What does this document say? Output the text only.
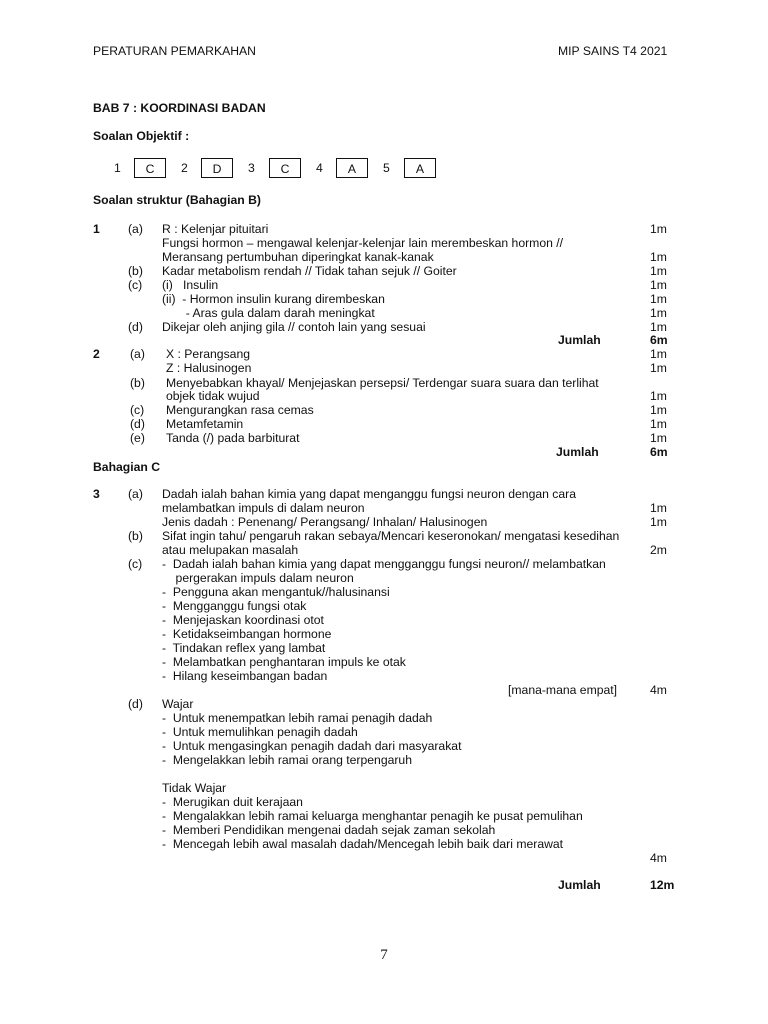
PERATURAN PEMARKAHAN	MIP SAINS T4 2021
BAB 7 : KOORDINASI BADAN
Soalan Objektif :
1	C	2	D	3	C	4	A	5	A
Soalan struktur (Bahagian B)
1 (a) R : Kelenjar pituitari	1m
Fungsi hormon – mengawal kelenjar-kelenjar lain merembeskan hormon //
Meransang pertumbuhan diperingkat kanak-kanak	1m
(b) Kadar metabolism rendah // Tidak tahan sejuk // Goiter	1m
(c) (i)   Insulin	1m
(ii)  - Hormon insulin kurang dirembeskan	1m
- Aras gula dalam darah meningkat	1m
(d) Dikejar oleh anjing gila // contoh lain yang sesuai	1m
Jumlah	6m
2 (a) X : Perangsang	1m
Z : Halusinogen	1m
(b) Menyebabkan khayal/ Menjejaskan persepsi/ Terdengar suara suara dan terlihat
objek tidak wujud	1m
(c) Mengurangkan rasa cemas	1m
(d) Metamfetamin	1m
(e) Tanda (/) pada barbiturat	1m
Jumlah	6m
Bahagian C
3 (a) Dadah ialah bahan kimia yang dapat menganggu fungsi neuron dengan cara
melambatkan impuls di dalam neuron	1m
Jenis dadah : Penenang/ Perangsang/ Inhalan/ Halusinogen	1m
(b) Sifat ingin tahu/ pengaruh rakan sebaya/Mencari keseronokan/ mengatasi kesedihan
atau melupakan masalah	2m
(c) -  Dadah ialah bahan kimia yang dapat mengganggu fungsi neuron// melambatkan
pergerakan impuls dalam neuron
-  Pengguna akan mengantuk//halusinansi
-  Mengganggu fungsi otak
-  Menjejaskan koordinasi otot
-  Ketidakseimbangan hormone
-  Tindakan reflex yang lambat
-  Melambatkan penghantaran impuls ke otak
-  Hilang keseimbangan badan
[mana-mana empat]	4m
(d) Wajar
-  Untuk menempatkan lebih ramai penagih dadah
-  Untuk memulihkan penagih dadah
-  Untuk mengasingkan penagih dadah dari masyarakat
-  Mengelakkan lebih ramai orang terpengaruh
Tidak Wajar
-  Merugikan duit kerajaan
-  Mengalakkan lebih ramai keluarga menghantar penagih ke pusat pemulihan
-  Memberi Pendidikan mengenai dadah sejak zaman sekolah
-  Mencegah lebih awal masalah dadah/Mencegah lebih baik dari merawat
4m
Jumlah	12m
7
